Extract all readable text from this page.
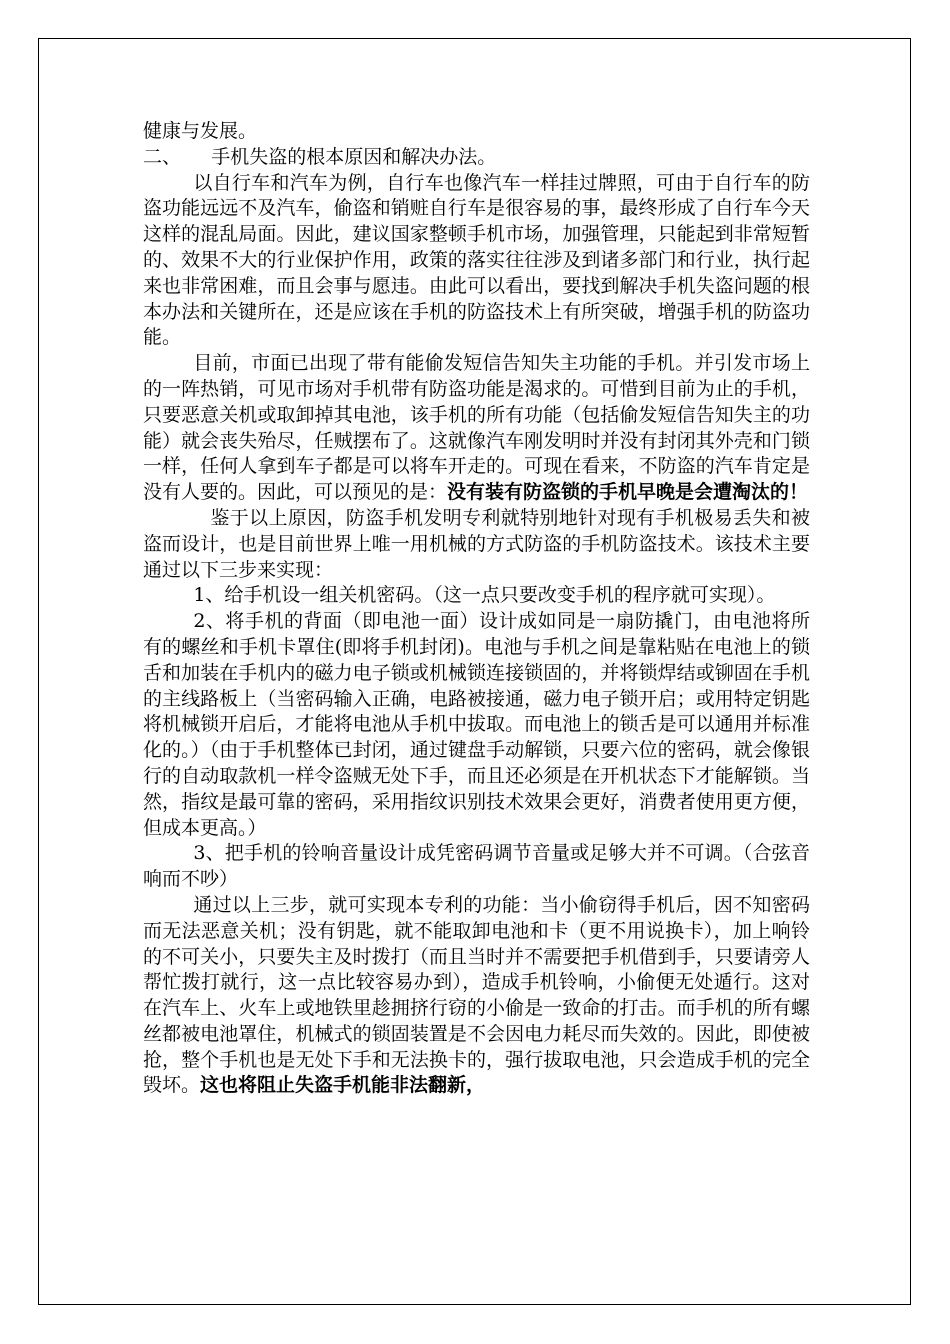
健康与发展。

二、 手机失盗的根本原因和解决办法。

以自行车和汽车为例，自行车也像汽车一样挂过牌照，可由于自行车的防盗功能远远不及汽车，偷盗和销赃自行车是很容易的事，最终形成了自行车今天这样的混乱局面。因此，建议国家整顿手机市场，加强管理，只能起到非常短暂的、效果不大的行业保护作用，政策的落实往往涉及到诸多部门和行业，执行起来也非常困难，而且会事与愿违。由此可以看出，要找到解决手机失盗问题的根本办法和关键所在，还是应该在手机的防盗技术上有所突破，增强手机的防盗功能。

目前，市面已出现了带有能偷发短信告知失主功能的手机。并引发市场上的一阵热销，可见市场对手机带有防盗功能是渴求的。可惜到目前为止的手机，只要恶意关机或取卸掉其电池，该手机的所有功能（包括偷发短信告知失主的功能）就会丧失殆尽，任贼摆布了。这就像汽车刚发明时并没有封闭其外壳和门锁一样，任何人拿到车子都是可以将车开走的。可现在看来，不防盗的汽车肯定是没有人要的。因此，可以预见的是：没有装有防盗锁的手机早晚是会遭淘汰的！

鉴于以上原因，防盗手机发明专利就特别地针对现有手机极易丢失和被盗而设计，也是目前世界上唯一用机械的方式防盗的手机防盗技术。该技术主要通过以下三步来实现：

1、给手机设一组关机密码。（这一点只要改变手机的程序就可实现）。

2、将手机的背面（即电池一面）设计成如同是一扇防撬门，由电池将所有的螺丝和手机卡罩住(即将手机封闭)。电池与手机之间是靠粘贴在电池上的锁舌和加装在手机内的磁力电子锁或机械锁连接锁固的，并将锁焊结或铆固在手机的主线路板上（当密码输入正确，电路被接通，磁力电子锁开启；或用特定钥匙将机械锁开启后，才能将电池从手机中拔取。而电池上的锁舌是可以通用并标准化的。）（由于手机整体已封闭，通过键盘手动解锁，只要六位的密码，就会像银行的自动取款机一样令盗贼无处下手，而且还必须是在开机状态下才能解锁。当然，指纹是最可靠的密码，采用指纹识别技术效果会更好，消费者使用更方便，但成本更高。）

3、把手机的铃响音量设计成凭密码调节音量或足够大并不可调。（合弦音响而不吵）

通过以上三步，就可实现本专利的功能：当小偷窃得手机后，因不知密码而无法恶意关机；没有钥匙，就不能取卸电池和卡（更不用说换卡），加上响铃的不可关小，只要失主及时拨打（而且当时并不需要把手机借到手，只要请旁人帮忙拨打就行，这一点比较容易办到），造成手机铃响，小偷便无处遁行。这对在汽车上、火车上或地铁里趁拥挤行窃的小偷是一致命的打击。而手机的所有螺丝都被电池罩住，机械式的锁固装置是不会因电力耗尽而失效的。因此，即使被抢，整个手机也是无处下手和无法换卡的，强行拔取电池，只会造成手机的完全毁坏。这也将阻止失盗手机能非法翻新，
